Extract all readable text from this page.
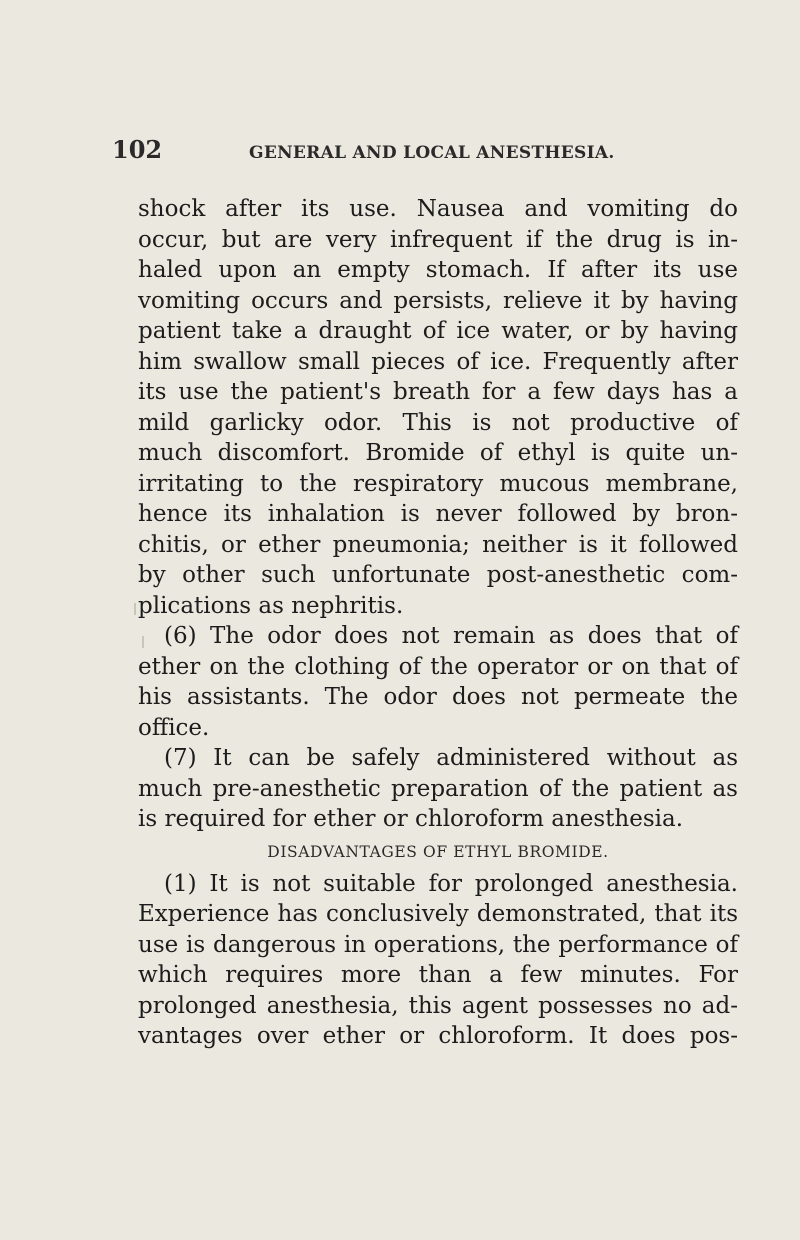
102	GENERAL AND LOCAL ANESTHESIA.
shock after its use. Nausea and vomiting do
occur, but are very infrequent if the drug is in-
haled upon an empty stomach. If after its use
vomiting occurs and persists, relieve it by having
patient take a draught of ice water, or by having
him swallow small pieces of ice. Frequently after
its use the patient's breath for a few days has a
mild garlicky odor. This is not productive of
much discomfort. Bromide of ethyl is quite un-
irritating to the respiratory mucous membrane,
hence its inhalation is never followed by bron-
chitis, or ether pneumonia; neither is it followed
by other such unfortunate post-anesthetic com-
plications as nephritis.
(6) The odor does not remain as does that of
ether on the clothing of the operator or on that of
his assistants. The odor does not permeate the
office.
(7) It can be safely administered without as
much pre-anesthetic preparation of the patient as
is required for ether or chloroform anesthesia.
DISADVANTAGES OF ETHYL BROMIDE.
(1) It is not suitable for prolonged anesthesia.
Experience has conclusively demonstrated, that its
use is dangerous in operations, the performance of
which requires more than a few minutes. For
prolonged anesthesia, this agent possesses no ad-
vantages over ether or chloroform. It does pos-
